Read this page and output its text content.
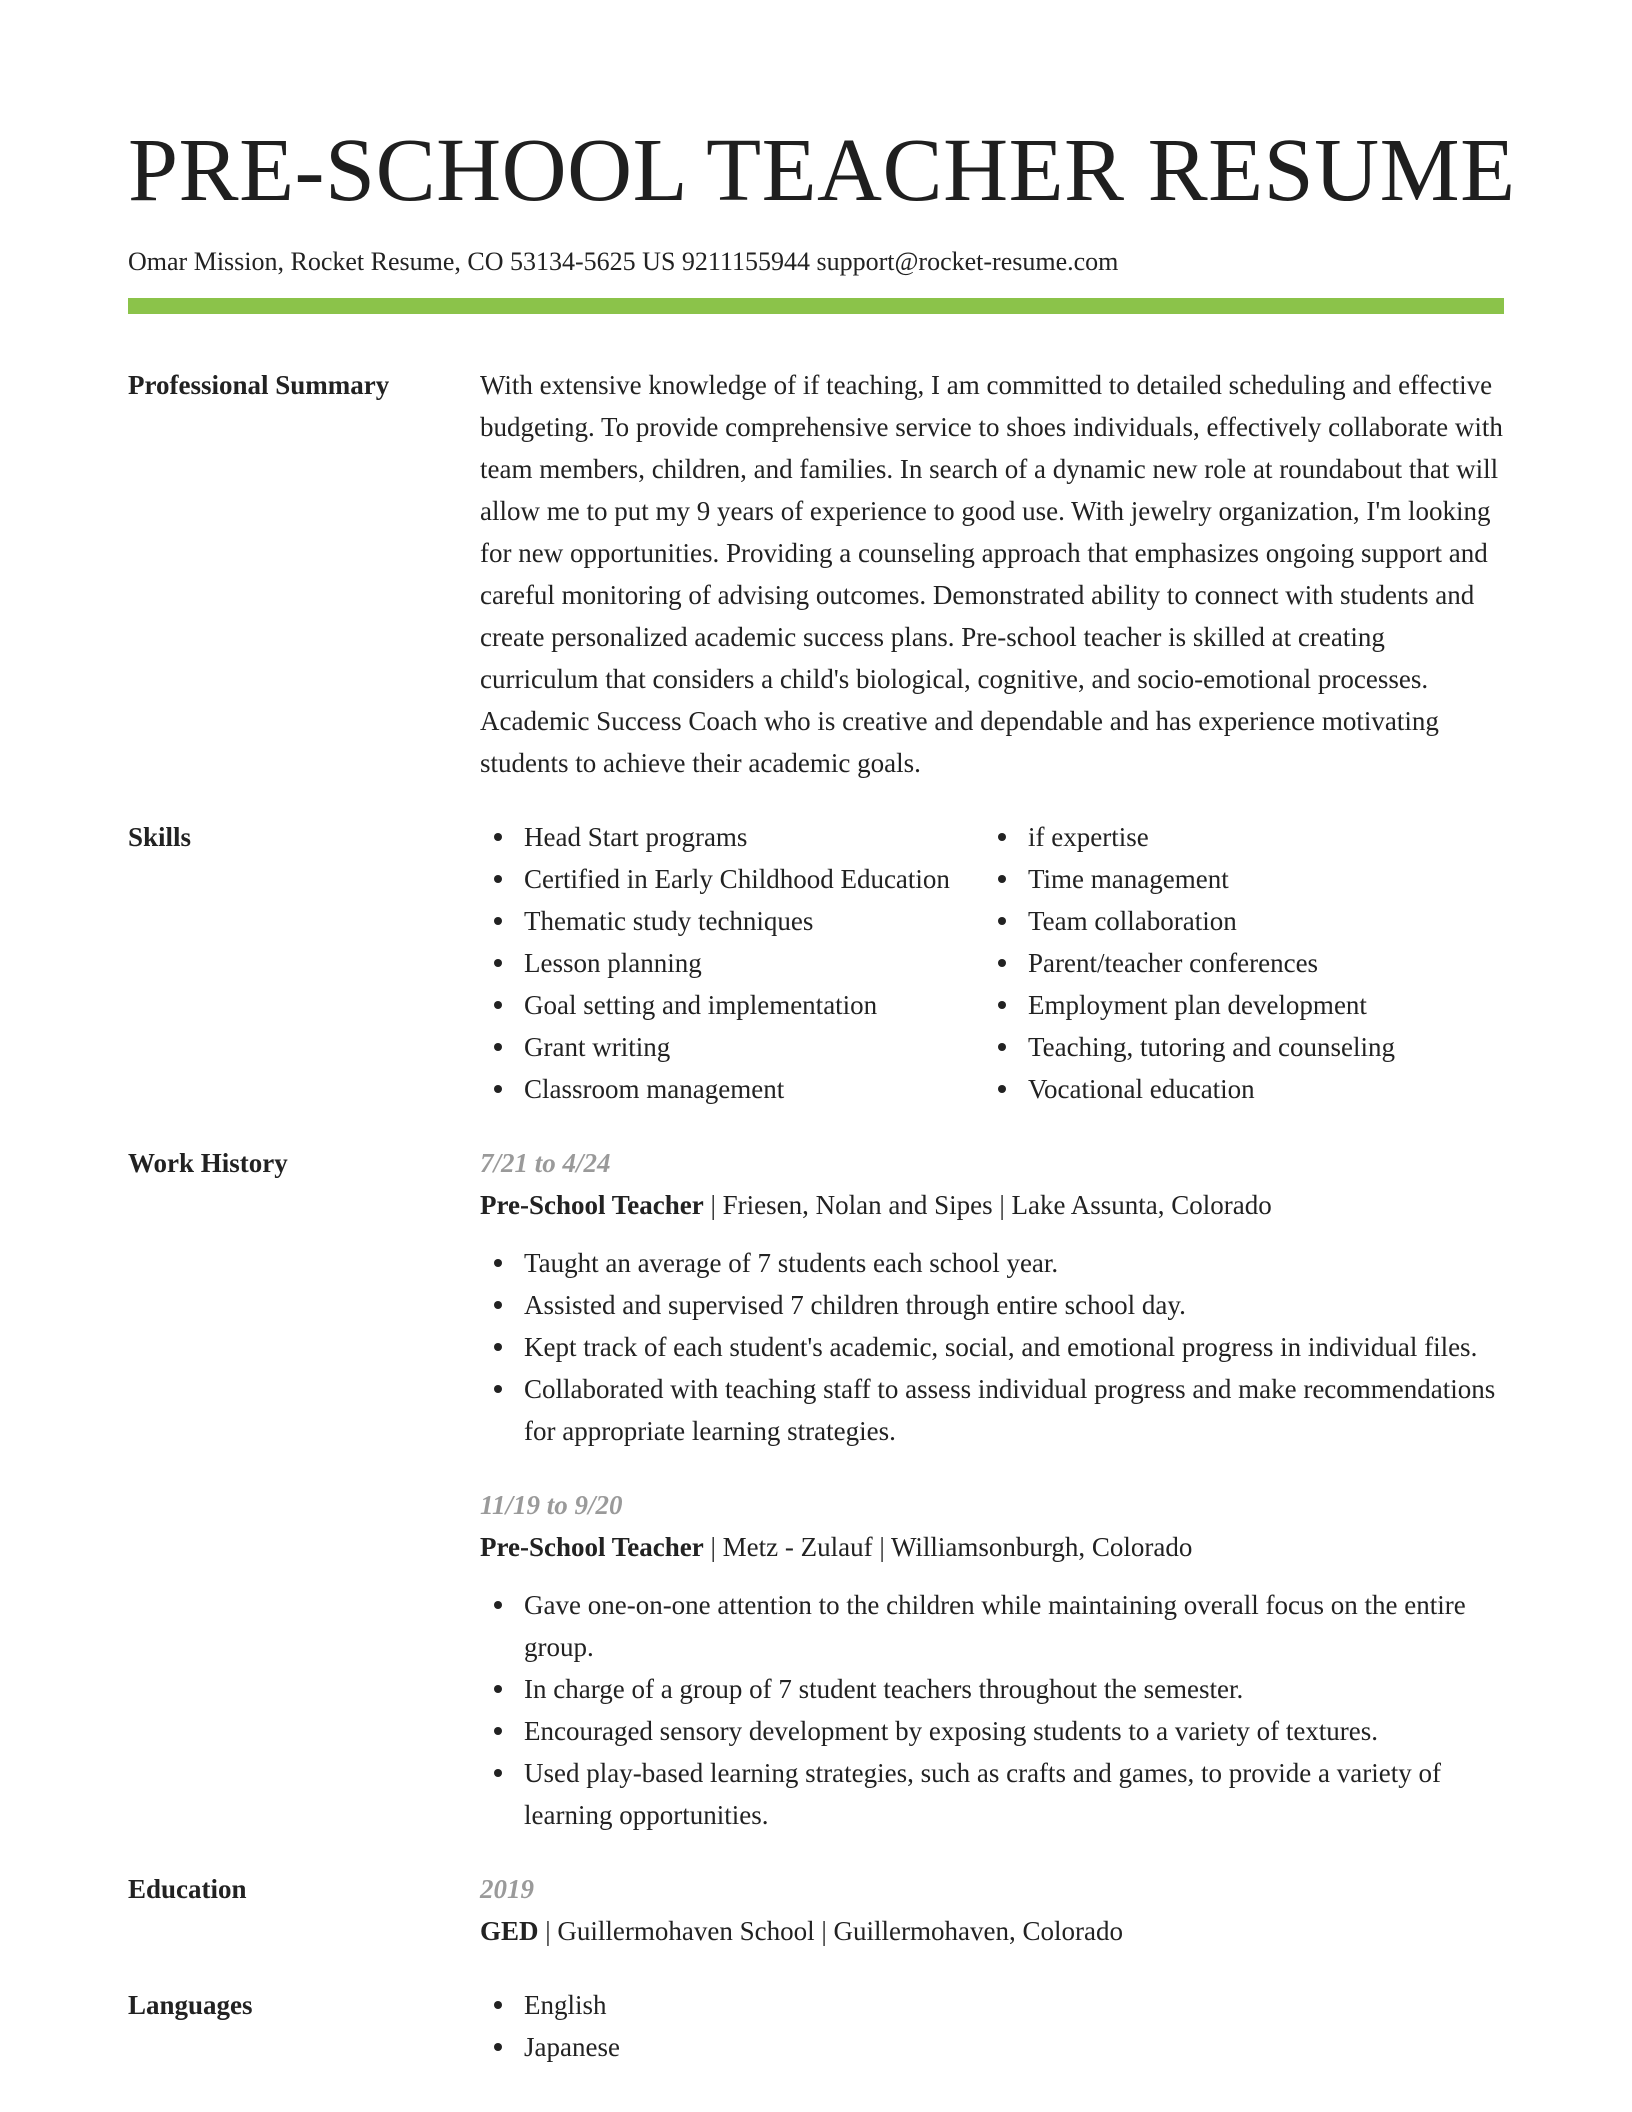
PRE-SCHOOL TEACHER RESUME
Omar Mission, Rocket Resume, CO 53134-5625 US 9211155944 support@rocket-resume.com
Professional Summary	With extensive knowledge of if teaching, I am committed to detailed scheduling and effective budgeting. To provide comprehensive service to shoes individuals, effectively collaborate with team members, children, and families. In search of a dynamic new role at roundabout that will allow me to put my 9 years of experience to good use. With jewelry organization, I'm looking for new opportunities. Providing a counseling approach that emphasizes ongoing support and careful monitoring of advising outcomes. Demonstrated ability to connect with students and create personalized academic success plans. Pre-school teacher is skilled at creating curriculum that considers a child's biological, cognitive, and socio-emotional processes. Academic Success Coach who is creative and dependable and has experience motivating students to achieve their academic goals.

Skills	Head Start programs
Certified in Early Childhood Education
Thematic study techniques
Lesson planning
Goal setting and implementation
Grant writing
Classroom management
if expertise
Time management
Team collaboration
Parent/teacher conferences
Employment plan development
Teaching, tutoring and counseling
Vocational education
Work History	7/21 to 4/24
Pre-School Teacher | Friesen, Nolan and Sipes | Lake Assunta, Colorado
Taught an average of 7 students each school year.
Assisted and supervised 7 children through entire school day.
Kept track of each student's academic, social, and emotional progress in individual files.
Collaborated with teaching staff to assess individual progress and make recommendations for appropriate learning strategies.
11/19 to 9/20
Pre-School Teacher | Metz - Zulauf | Williamsonburgh, Colorado
Gave one-on-one attention to the children while maintaining overall focus on the entire group.
In charge of a group of 7 student teachers throughout the semester.
Encouraged sensory development by exposing students to a variety of textures.
Used play-based learning strategies, such as crafts and games, to provide a variety of learning opportunities.
Education	2019
GED | Guillermohaven School | Guillermohaven, Colorado
Languages	English
Japanese
